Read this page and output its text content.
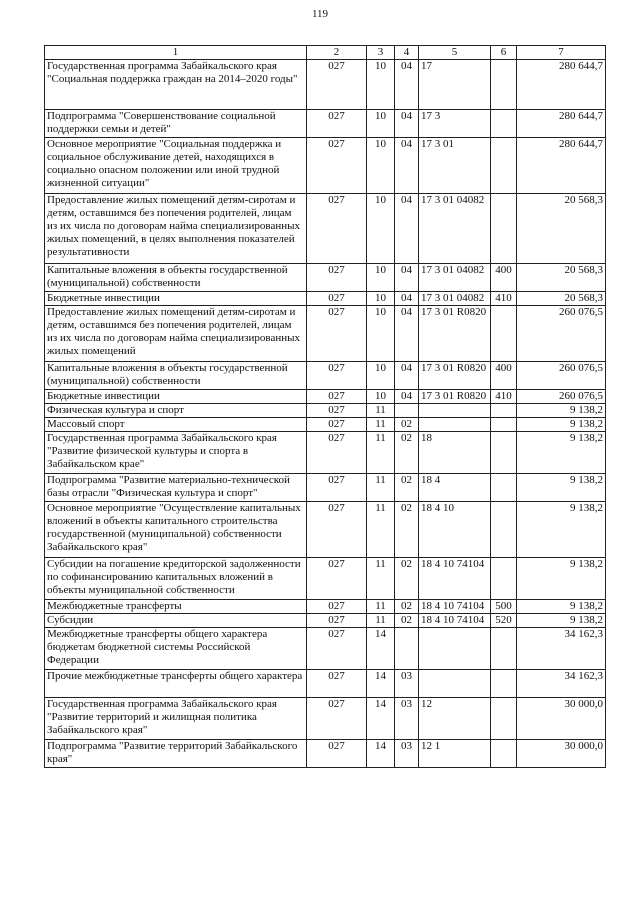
119
1	2	3	4	5	6	7
Государственная программа Забайкальского края "Социальная поддержка граждан на 2014–2020 годы"	027	10	04	17		280 644,7
Подпрограмма "Совершенствование социальной поддержки семьи и детей"	027	10	04	17 3		280 644,7
Основное мероприятие "Социальная поддержка и социальное обслуживание детей, находящихся в социально опасном положении или иной трудной жизненной ситуации"	027	10	04	17 3 01		280 644,7
Предоставление жилых помещений детям-сиротам и детям, оставшимся без попечения родителей, лицам из их числа по договорам найма специализированных жилых помещений, в целях выполнения показателей результативности	027	10	04	17 3 01 04082		20 568,3
Капитальные вложения в объекты государственной (муниципальной) собственности	027	10	04	17 3 01 04082	400	20 568,3
Бюджетные инвестиции	027	10	04	17 3 01 04082	410	20 568,3
Предоставление жилых помещений детям-сиротам и детям, оставшимся без попечения родителей, лицам из их числа по договорам найма специализированных жилых помещений	027	10	04	17 3 01 R0820		260 076,5
Капитальные вложения в объекты государственной (муниципальной) собственности	027	10	04	17 3 01 R0820	400	260 076,5
Бюджетные инвестиции	027	10	04	17 3 01 R0820	410	260 076,5
Физическая культура и спорт	027	11				9 138,2
Массовый спорт	027	11	02			9 138,2
Государственная программа Забайкальского края "Развитие физической культуры и спорта в Забайкальском крае"	027	11	02	18		9 138,2
Подпрограмма "Развитие материально-технической базы отрасли "Физическая культура и спорт"	027	11	02	18 4		9 138,2
Основное мероприятие "Осуществление капитальных вложений в объекты капитального строительства государственной (муниципальной) собственности Забайкальского края"	027	11	02	18 4 10		9 138,2
Субсидии на погашение кредиторской задолженности по софинансированию капитальных вложений в объекты муниципальной собственности	027	11	02	18 4 10 74104		9 138,2
Межбюджетные трансферты	027	11	02	18 4 10 74104	500	9 138,2
Субсидии	027	11	02	18 4 10 74104	520	9 138,2
Межбюджетные трансферты общего характера бюджетам бюджетной системы Российской Федерации	027	14				34 162,3
Прочие межбюджетные трансферты общего характера	027	14	03			34 162,3
Государственная программа Забайкальского края "Развитие территорий и жилищная политика Забайкальского края"	027	14	03	12		30 000,0
Подпрограмма "Развитие территорий Забайкальского края"	027	14	03	12 1		30 000,0
